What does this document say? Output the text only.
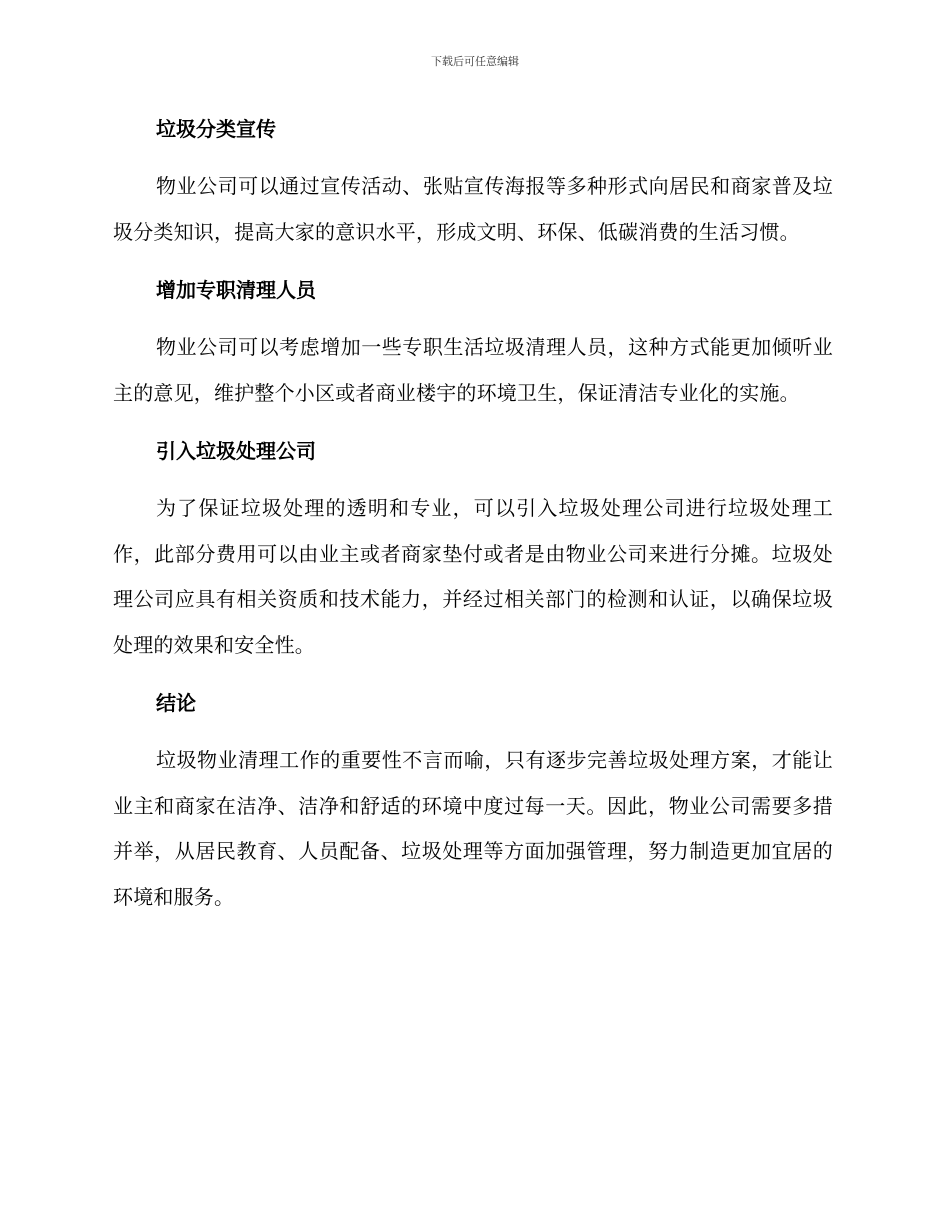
下载后可任意编辑
垃圾分类宣传

物业公司可以通过宣传活动、张贴宣传海报等多种形式向居民和商家普及垃圾分类知识，提高大家的意识水平，形成文明、环保、低碳消费的生活习惯。

增加专职清理人员

物业公司可以考虑增加一些专职生活垃圾清理人员，这种方式能更加倾听业主的意见，维护整个小区或者商业楼宇的环境卫生，保证清洁专业化的实施。

引入垃圾处理公司

为了保证垃圾处理的透明和专业，可以引入垃圾处理公司进行垃圾处理工作，此部分费用可以由业主或者商家垫付或者是由物业公司来进行分摊。垃圾处理公司应具有相关资质和技术能力，并经过相关部门的检测和认证，以确保垃圾处理的效果和安全性。

结论

垃圾物业清理工作的重要性不言而喻，只有逐步完善垃圾处理方案，才能让业主和商家在洁净、洁净和舒适的环境中度过每一天。因此，物业公司需要多措并举，从居民教育、人员配备、垃圾处理等方面加强管理，努力制造更加宜居的环境和服务。
